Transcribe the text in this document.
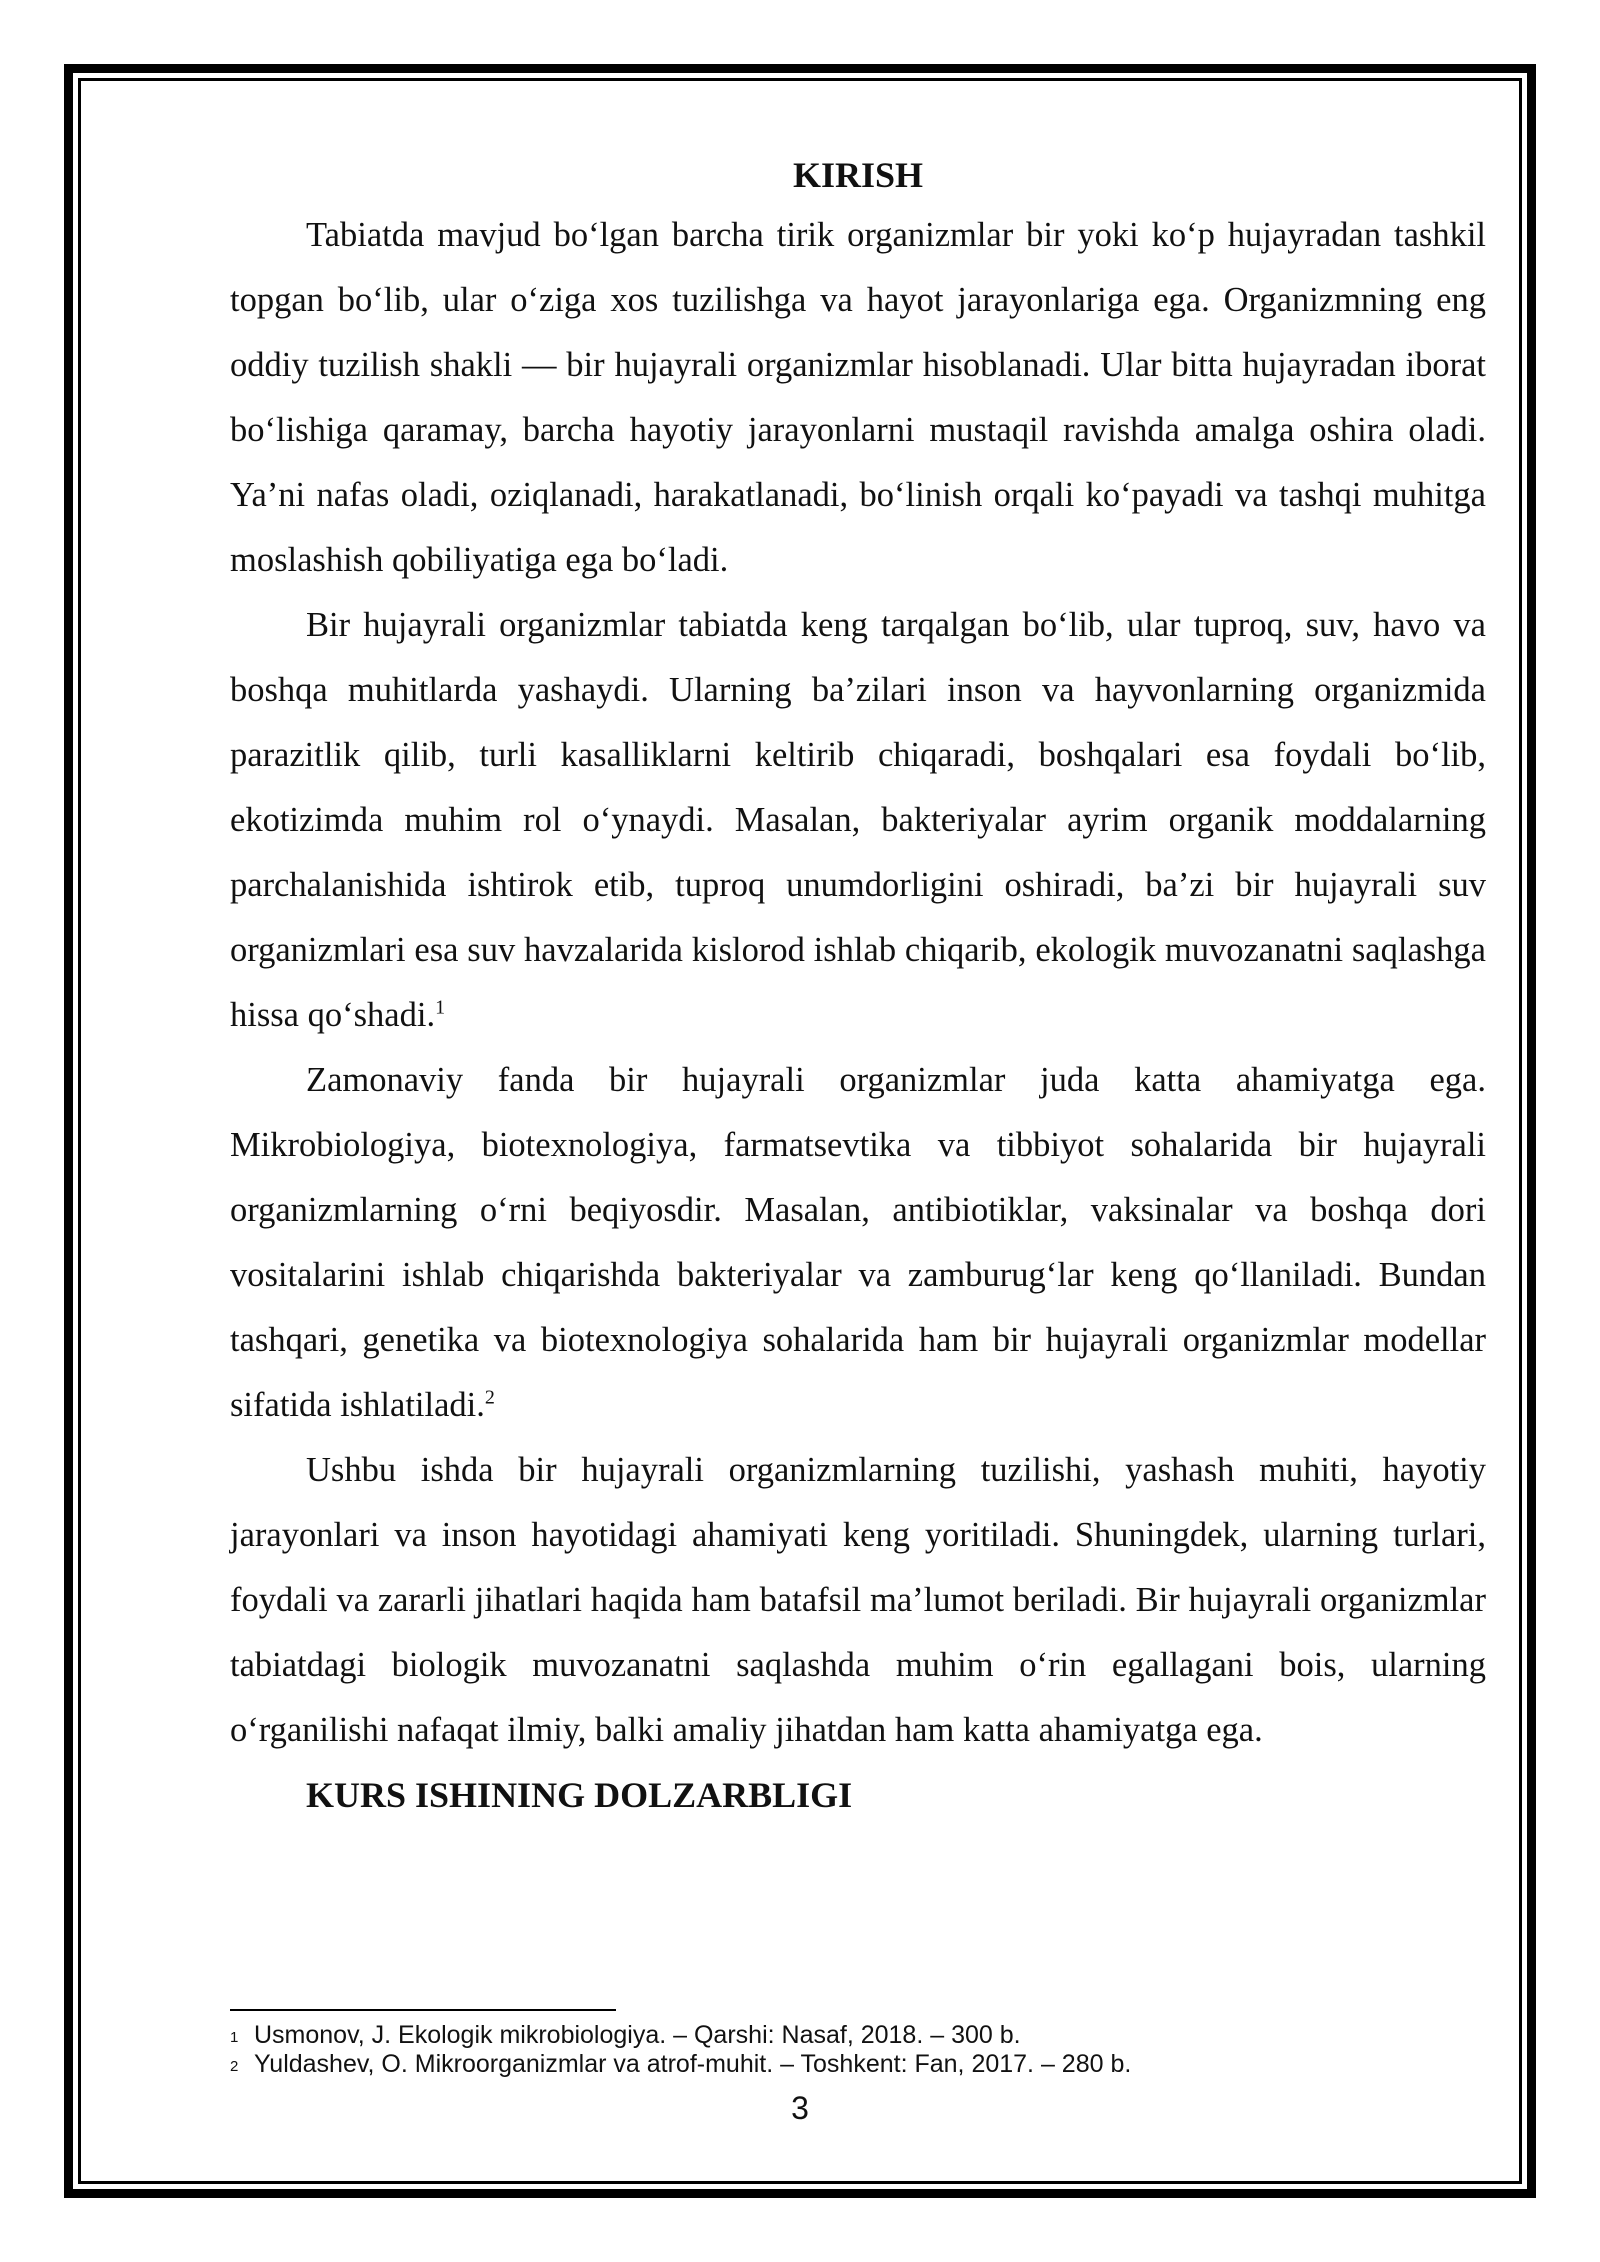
KIRISH

Tabiatda mavjud bo‘lgan barcha tirik organizmlar bir yoki ko‘p hujayradan tashkil topgan bo‘lib, ular o‘ziga xos tuzilishga va hayot jarayonlariga ega. Organizmning eng oddiy tuzilish shakli — bir hujayrali organizmlar hisoblanadi. Ular bitta hujayradan iborat bo‘lishiga qaramay, barcha hayotiy jarayonlarni mustaqil ravishda amalga oshira oladi. Ya’ni nafas oladi, oziqlanadi, harakatlanadi, bo‘linish orqali ko‘payadi va tashqi muhitga moslashish qobiliyatiga ega bo‘ladi.

Bir hujayrali organizmlar tabiatda keng tarqalgan bo‘lib, ular tuproq, suv, havo va boshqa muhitlarda yashaydi. Ularning ba’zilari inson va hayvonlarning organizmida parazitlik qilib, turli kasalliklarni keltirib chiqaradi, boshqalari esa foydali bo‘lib, ekotizimda muhim rol o‘ynaydi. Masalan, bakteriyalar ayrim organik moddalarning parchalanishida ishtirok etib, tuproq unumdorligini oshiradi, ba’zi bir hujayrali suv organizmlari esa suv havzalarida kislorod ishlab chiqarib, ekologik muvozanatni saqlashga hissa qo‘shadi.$^1$

Zamonaviy fanda bir hujayrali organizmlar juda katta ahamiyatga ega. Mikrobiologiya, biotexnologiya, farmatsevtika va tibbiyot sohalarida bir hujayrali organizmlarning o‘rni beqiyosdir. Masalan, antibiotiklar, vaksinalar va boshqa dori vositalarini ishlab chiqarishda bakteriyalar va zamburug‘lar keng qo‘llaniladi. Bundan tashqari, genetika va biotexnologiya sohalarida ham bir hujayrali organizmlar modellar sifatida ishlatiladi.$^2$

Ushbu ishda bir hujayrali organizmlarning tuzilishi, yashash muhiti, hayotiy jarayonlari va inson hayotidagi ahamiyati keng yoritiladi. Shuningdek, ularning turlari, foydali va zararli jihatlari haqida ham batafsil ma’lumot beriladi. Bir hujayrali organizmlar tabiatdagi biologik muvozanatni saqlashda muhim o‘rin egallagani bois, ularning o‘rganilishi nafaqat ilmiy, balki amaliy jihatdan ham katta ahamiyatga ega.

KURS ISHINING DOLZARBLIGI

1 Usmonov, J. Ekologik mikrobiologiya. – Qarshi: Nasaf, 2018. – 300 b.

2 Yuldashev, O. Mikroorganizmlar va atrof-muhit. – Toshkent: Fan, 2017. – 280 b.

3
